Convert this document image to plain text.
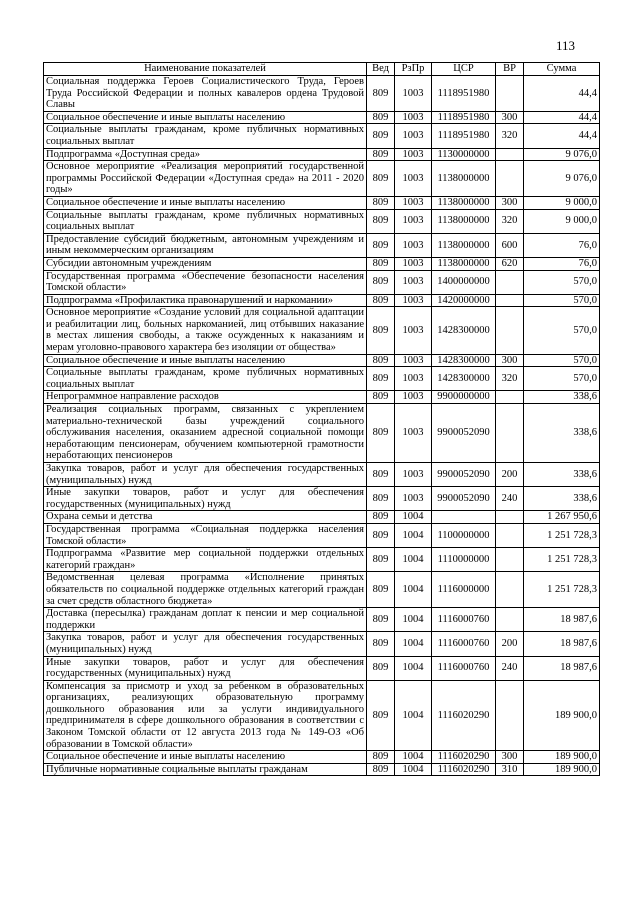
113
Наименование показателей	Вед	РзПр	ЦСР	ВР	Сумма
Социальная поддержка Героев Социалистического Труда, Героев Труда Российской Федерации и полных кавалеров ордена Трудовой Славы	809	1003	1118951980		44,4
Социальное обеспечение и иные выплаты населению	809	1003	1118951980	300	44,4
Социальные выплаты гражданам, кроме публичных нормативных социальных выплат	809	1003	1118951980	320	44,4
Подпрограмма «Доступная среда»	809	1003	1130000000		9 076,0
Основное мероприятие «Реализация мероприятий государственной программы Российской Федерации «Доступная среда» на 2011 - 2020 годы»	809	1003	1138000000		9 076,0
Социальное обеспечение и иные выплаты населению	809	1003	1138000000	300	9 000,0
Социальные выплаты гражданам, кроме публичных нормативных социальных выплат	809	1003	1138000000	320	9 000,0
Предоставление субсидий бюджетным, автономным учреждениям и иным некоммерческим организациям	809	1003	1138000000	600	76,0
Субсидии автономным учреждениям	809	1003	1138000000	620	76,0
Государственная программа «Обеспечение безопасности населения Томской области»	809	1003	1400000000		570,0
Подпрограмма «Профилактика правонарушений и наркомании»	809	1003	1420000000		570,0
Основное мероприятие «Создание условий для социальной адаптации и реабилитации лиц, больных наркоманией, лиц отбывших наказание в местах лишения свободы, а также осужденных к наказаниям и мерам уголовно-правового характера без изоляции от общества»	809	1003	1428300000		570,0
Социальное обеспечение и иные выплаты населению	809	1003	1428300000	300	570,0
Социальные выплаты гражданам, кроме публичных нормативных социальных выплат	809	1003	1428300000	320	570,0
Непрограммное направление расходов	809	1003	9900000000		338,6
Реализация социальных программ, связанных с укреплением материально-технической базы учреждений социального обслуживания населения, оказанием адресной социальной помощи неработающим пенсионерам, обучением компьютерной грамотности неработающих пенсионеров	809	1003	9900052090		338,6
Закупка товаров, работ и услуг для обеспечения государственных (муниципальных) нужд	809	1003	9900052090	200	338,6
Иные закупки товаров, работ и услуг для обеспечения государственных (муниципальных) нужд	809	1003	9900052090	240	338,6
Охрана семьи и детства	809	1004			1 267 950,6
Государственная программа «Социальная поддержка населения Томской области»	809	1004	1100000000		1 251 728,3
Подпрограмма «Развитие мер социальной поддержки отдельных категорий граждан»	809	1004	1110000000		1 251 728,3
Ведомственная целевая программа «Исполнение принятых обязательств по социальной поддержке отдельных категорий граждан за счет средств областного бюджета»	809	1004	1116000000		1 251 728,3
Доставка (пересылка) гражданам доплат к пенсии и мер социальной поддержки	809	1004	1116000760		18 987,6
Закупка товаров, работ и услуг для обеспечения государственных (муниципальных) нужд	809	1004	1116000760	200	18 987,6
Иные закупки товаров, работ и услуг для обеспечения государственных (муниципальных) нужд	809	1004	1116000760	240	18 987,6
Компенсация за присмотр и уход за ребенком в образовательных организациях, реализующих образовательную программу дошкольного образования или за услуги индивидуального предпринимателя в сфере дошкольного образования в соответствии с Законом Томской области от 12 августа 2013 года № 149-ОЗ «Об образовании в Томской области»	809	1004	1116020290		189 900,0
Социальное обеспечение и иные выплаты населению	809	1004	1116020290	300	189 900,0
Публичные нормативные социальные выплаты гражданам	809	1004	1116020290	310	189 900,0
